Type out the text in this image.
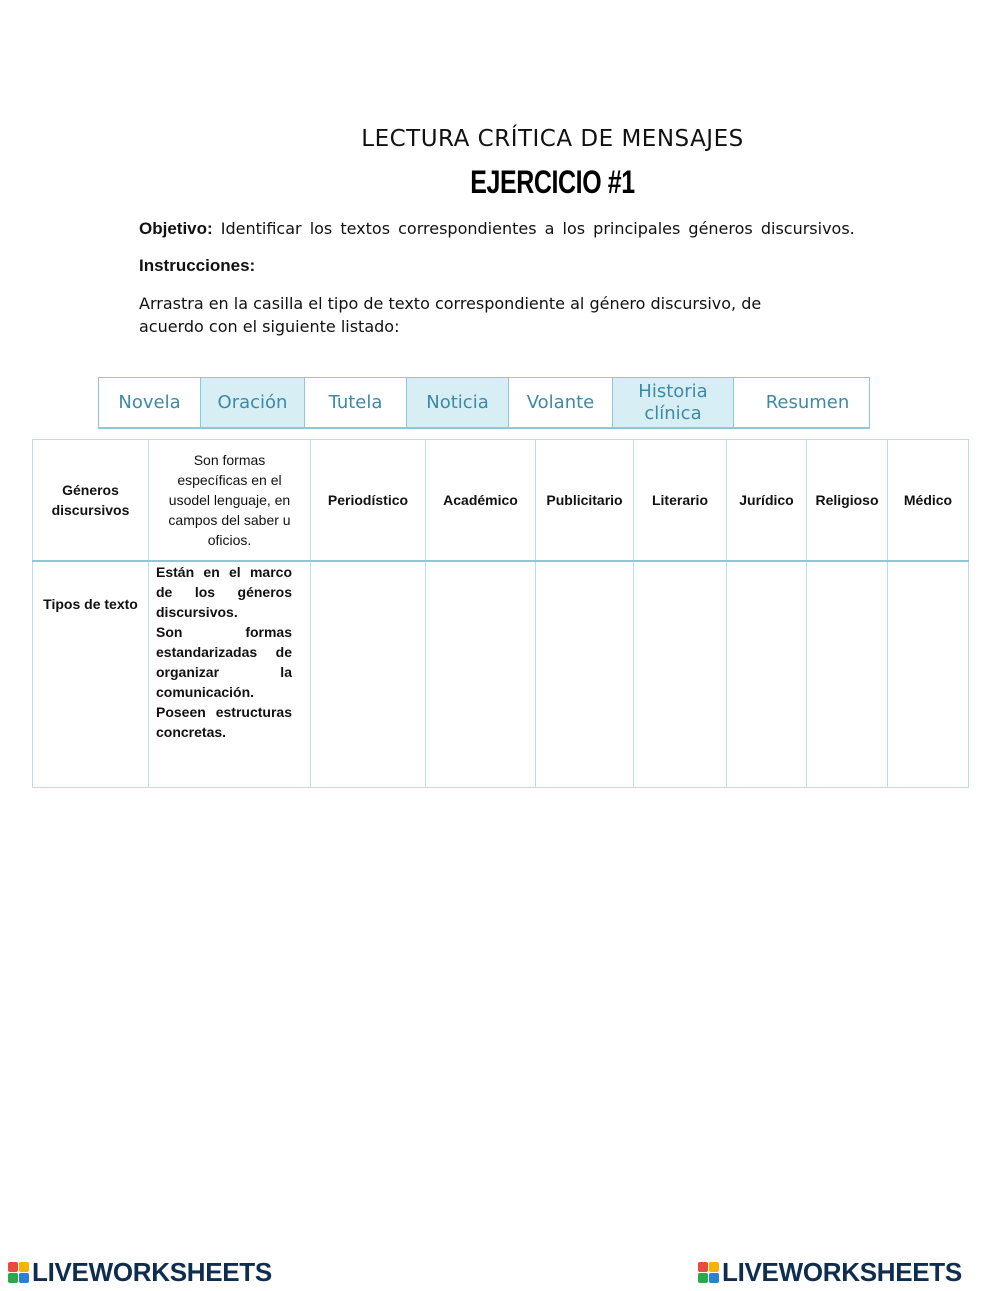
LECTURA CRÍTICA DE MENSAJES
EJERCICIO #1
Objetivo: Identificar los textos correspondientes a los principales géneros discursivos.
Instrucciones:
Arrastra en la casilla el tipo de texto correspondiente al género discursivo, de acuerdo con el siguiente listado:
Novela	Oración	Tutela	Noticia	Volante
Historia clínica
Resumen
Géneros discursivos	Son formas específicas en el usodel lenguaje, en campos del saber u oficios.	Periodístico	Académico	Publicitario	Literario	Jurídico	Religioso	Médico
Tipos de texto	Están en el marco de los géneros discursivos.
Son formas estandarizadas de organizar la comunicación.
Poseen estructuras concretas.							

LIVEWORKSHEETS	LIVEWORKSHEETS
